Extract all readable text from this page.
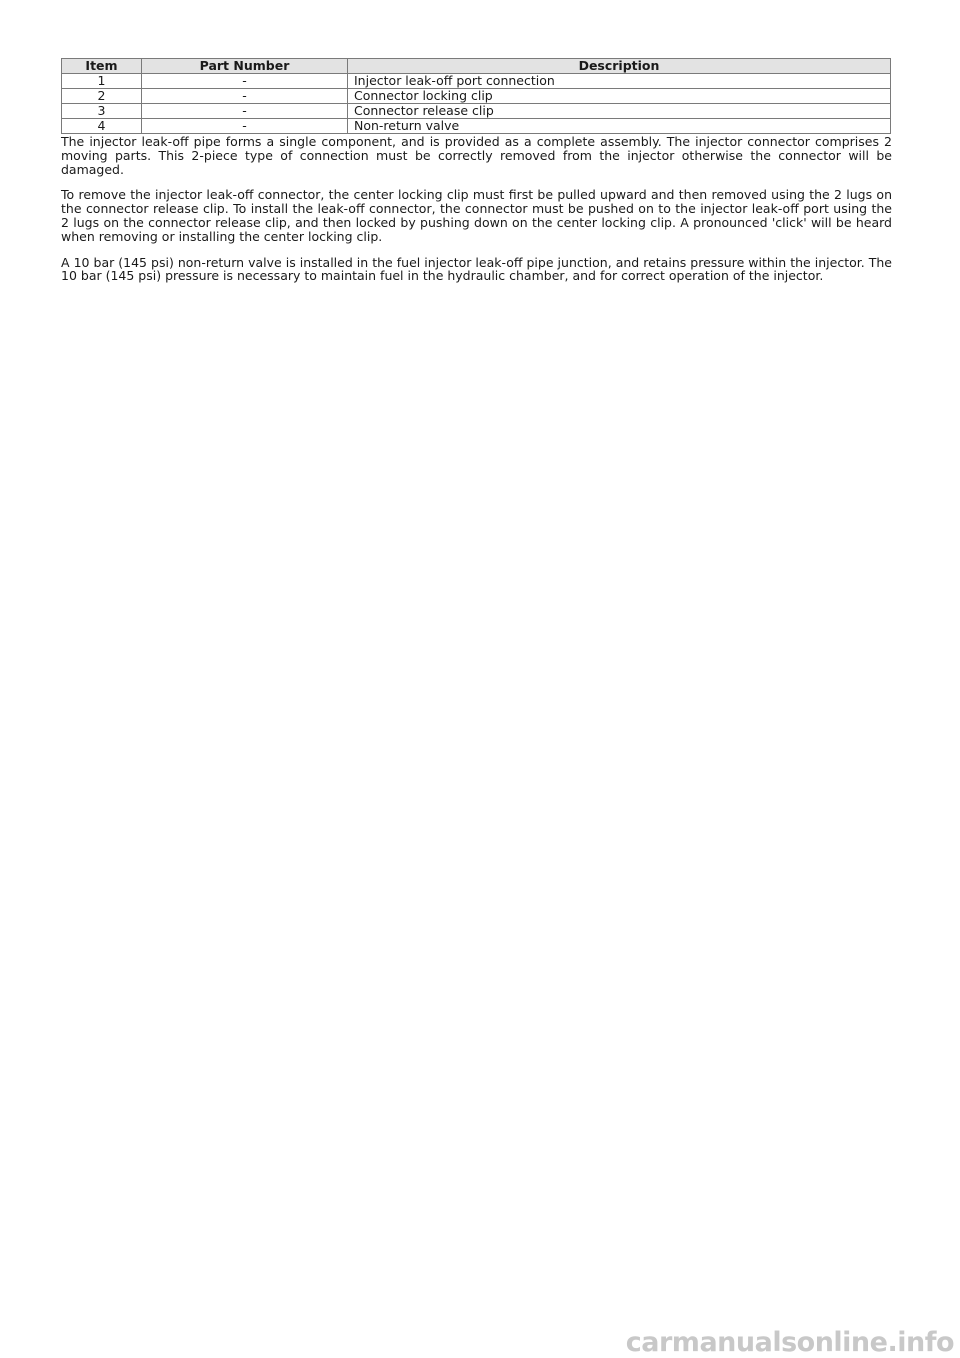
Item	Part Number	Description
1	-	Injector leak-off port connection
2	-	Connector locking clip
3	-	Connector release clip
4	-	Non-return valve

The injector leak-off pipe forms a single component, and is provided as a complete assembly. The injector connector comprises 2 moving parts. This 2-piece type of connection must be correctly removed from the injector otherwise the connector will be damaged.

To remove the injector leak-off connector, the center locking clip must first be pulled upward and then removed using the 2 lugs on the connector release clip. To install the leak-off connector, the connector must be pushed on to the injector leak-off port using the 2 lugs on the connector release clip, and then locked by pushing down on the center locking clip. A pronounced 'click' will be heard when removing or installing the center locking clip.

A 10 bar (145 psi) non-return valve is installed in the fuel injector leak-off pipe junction, and retains pressure within the injector. The 10 bar (145 psi) pressure is necessary to maintain fuel in the hydraulic chamber, and for correct operation of the injector.

carmanualsonline.info
